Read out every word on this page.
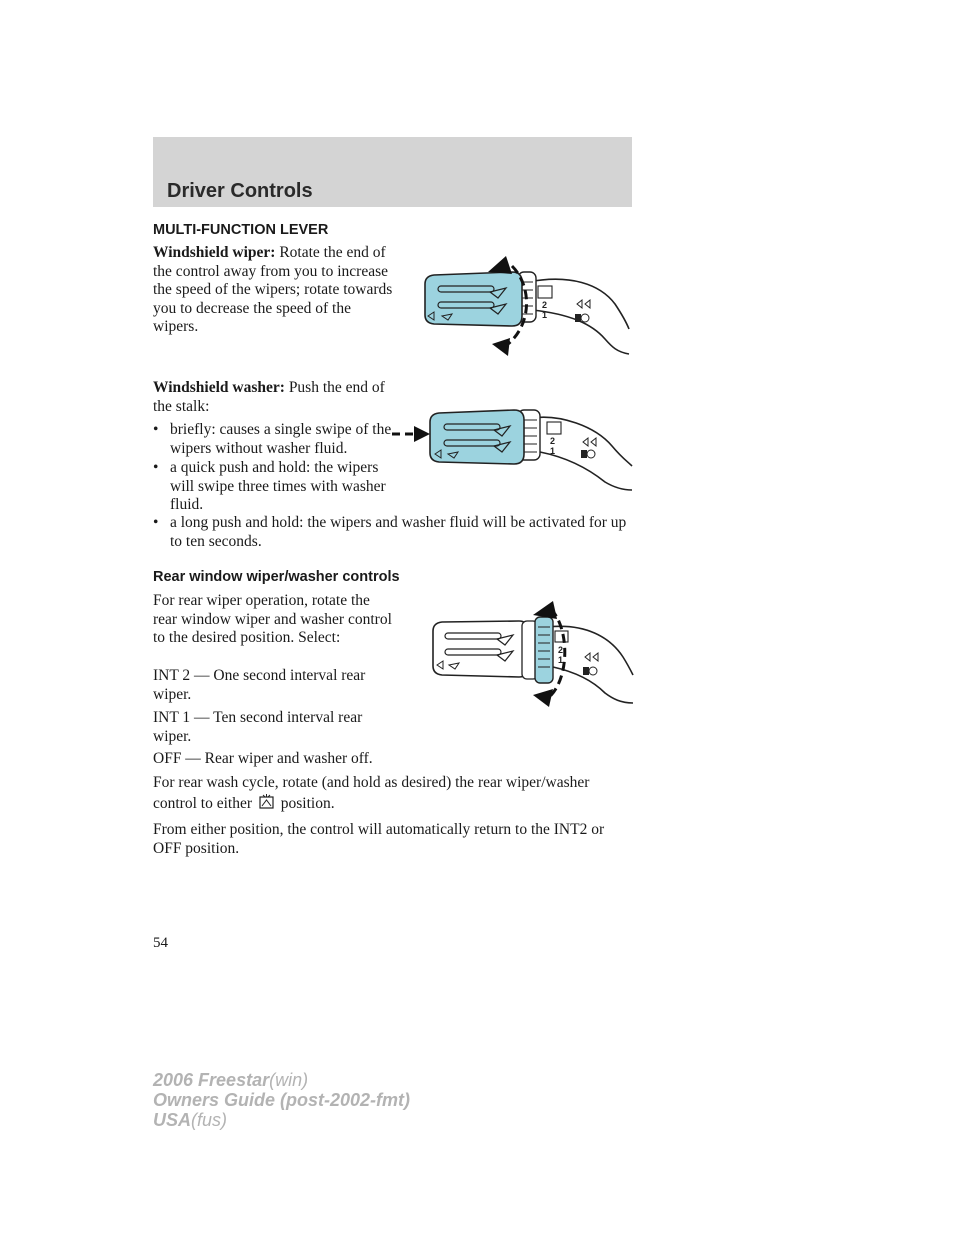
Driver Controls
MULTI-FUNCTION LEVER

Windshield wiper: Rotate the end of the control away from you to increase the speed of the wipers; rotate towards you to decrease the speed of the wipers.

2
1

Windshield washer: Push the end of the stalk:

• briefly: causes a single swipe of the wipers without washer fluid.
• a quick push and hold: the wipers will swipe three times with washer fluid.
• a long push and hold: the wipers and washer fluid will be activated for up to ten seconds.
2
1
Rear window wiper/washer controls

For rear wiper operation, rotate the rear window wiper and washer control to the desired position. Select:

INT 2 — One second interval rear wiper.

INT 1 — Ten second interval rear wiper.

OFF — Rear wiper and washer off.

2
1

For rear wash cycle, rotate (and hold as desired) the rear wiper/washer control to either position.

From either position, the control will automatically return to the INT2 or OFF position.

54
2006 Freestar(win)
Owners Guide (post-2002-fmt)
USA(fus)
